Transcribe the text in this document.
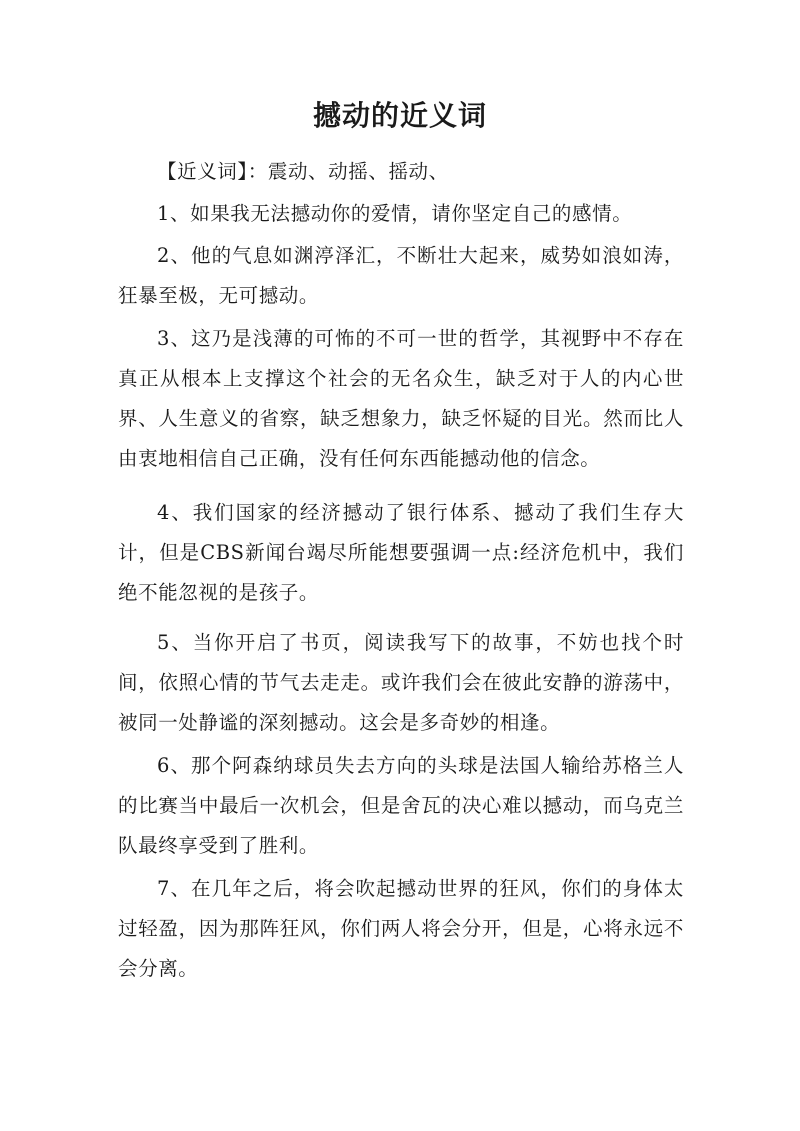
撼动的近义词

【近义词】：震动、动摇、摇动、

1、如果我无法撼动你的爱情，请你坚定自己的感情。

2、他的气息如渊渟泽汇，不断壮大起来，威势如浪如涛，狂暴至极，无可撼动。

3、这乃是浅薄的可怖的不可一世的哲学，其视野中不存在真正从根本上支撑这个社会的无名众生，缺乏对于人的内心世界、人生意义的省察，缺乏想象力，缺乏怀疑的目光。然而比人由衷地相信自己正确，没有任何东西能撼动他的信念。

4、我们国家的经济撼动了银行体系、撼动了我们生存大计，但是CBS新闻台竭尽所能想要强调一点:经济危机中，我们绝不能忽视的是孩子。

5、当你开启了书页，阅读我写下的故事，不妨也找个时间，依照心情的节气去走走。或许我们会在彼此安静的游荡中，被同一处静谧的深刻撼动。这会是多奇妙的相逢。

6、那个阿森纳球员失去方向的头球是法国人输给苏格兰人的比赛当中最后一次机会，但是舍瓦的决心难以撼动，而乌克兰队最终享受到了胜利。

7、在几年之后，将会吹起撼动世界的狂风，你们的身体太过轻盈，因为那阵狂风，你们两人将会分开，但是，心将永远不会分离。
